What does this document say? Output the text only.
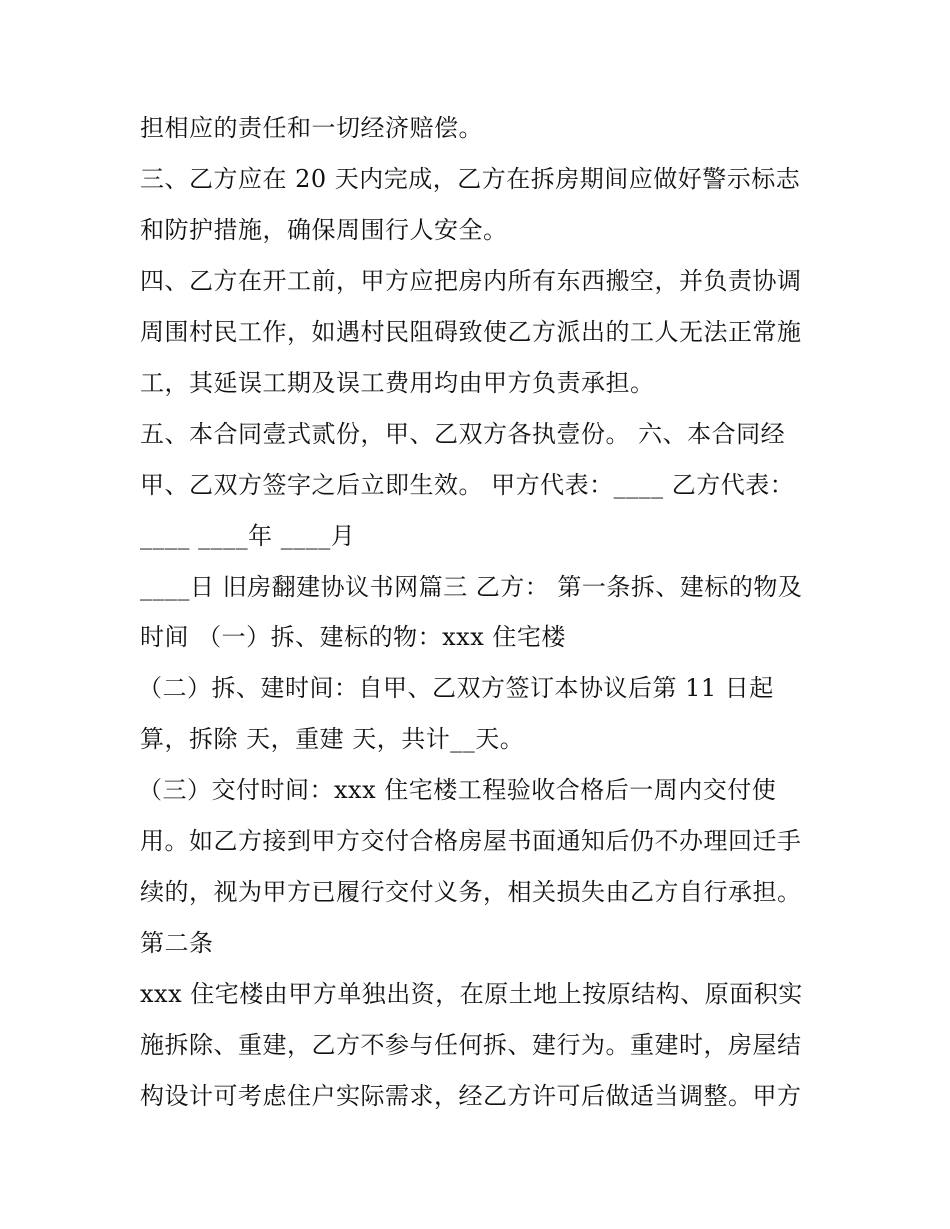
担相应的责任和一切经济赔偿。
三、乙方应在 20 天内完成，乙方在拆房期间应做好警示标志
和防护措施，确保周围行人安全。
四、乙方在开工前，甲方应把房内所有东西搬空，并负责协调
周围村民工作，如遇村民阻碍致使乙方派出的工人无法正常施
工，其延误工期及误工费用均由甲方负责承担。
五、本合同壹式贰份，甲、乙双方各执壹份。 六、本合同经
甲、乙双方签字之后立即生效。 甲方代表：____ 乙方代表：
____ ____年 ____月
____日 旧房翻建协议书网篇三 乙方： 第一条拆、建标的物及
时间 （一）拆、建标的物：xxx 住宅楼
（二）拆、建时间：自甲、乙双方签订本协议后第 11 日起
算，拆除 天，重建 天，共计__天。
（三）交付时间：xxx 住宅楼工程验收合格后一周内交付使
用。如乙方接到甲方交付合格房屋书面通知后仍不办理回迁手
续的，视为甲方已履行交付义务，相关损失由乙方自行承担。
第二条
xxx 住宅楼由甲方单独出资，在原土地上按原结构、原面积实
施拆除、重建，乙方不参与任何拆、建行为。重建时，房屋结
构设计可考虑住户实际需求，经乙方许可后做适当调整。甲方
